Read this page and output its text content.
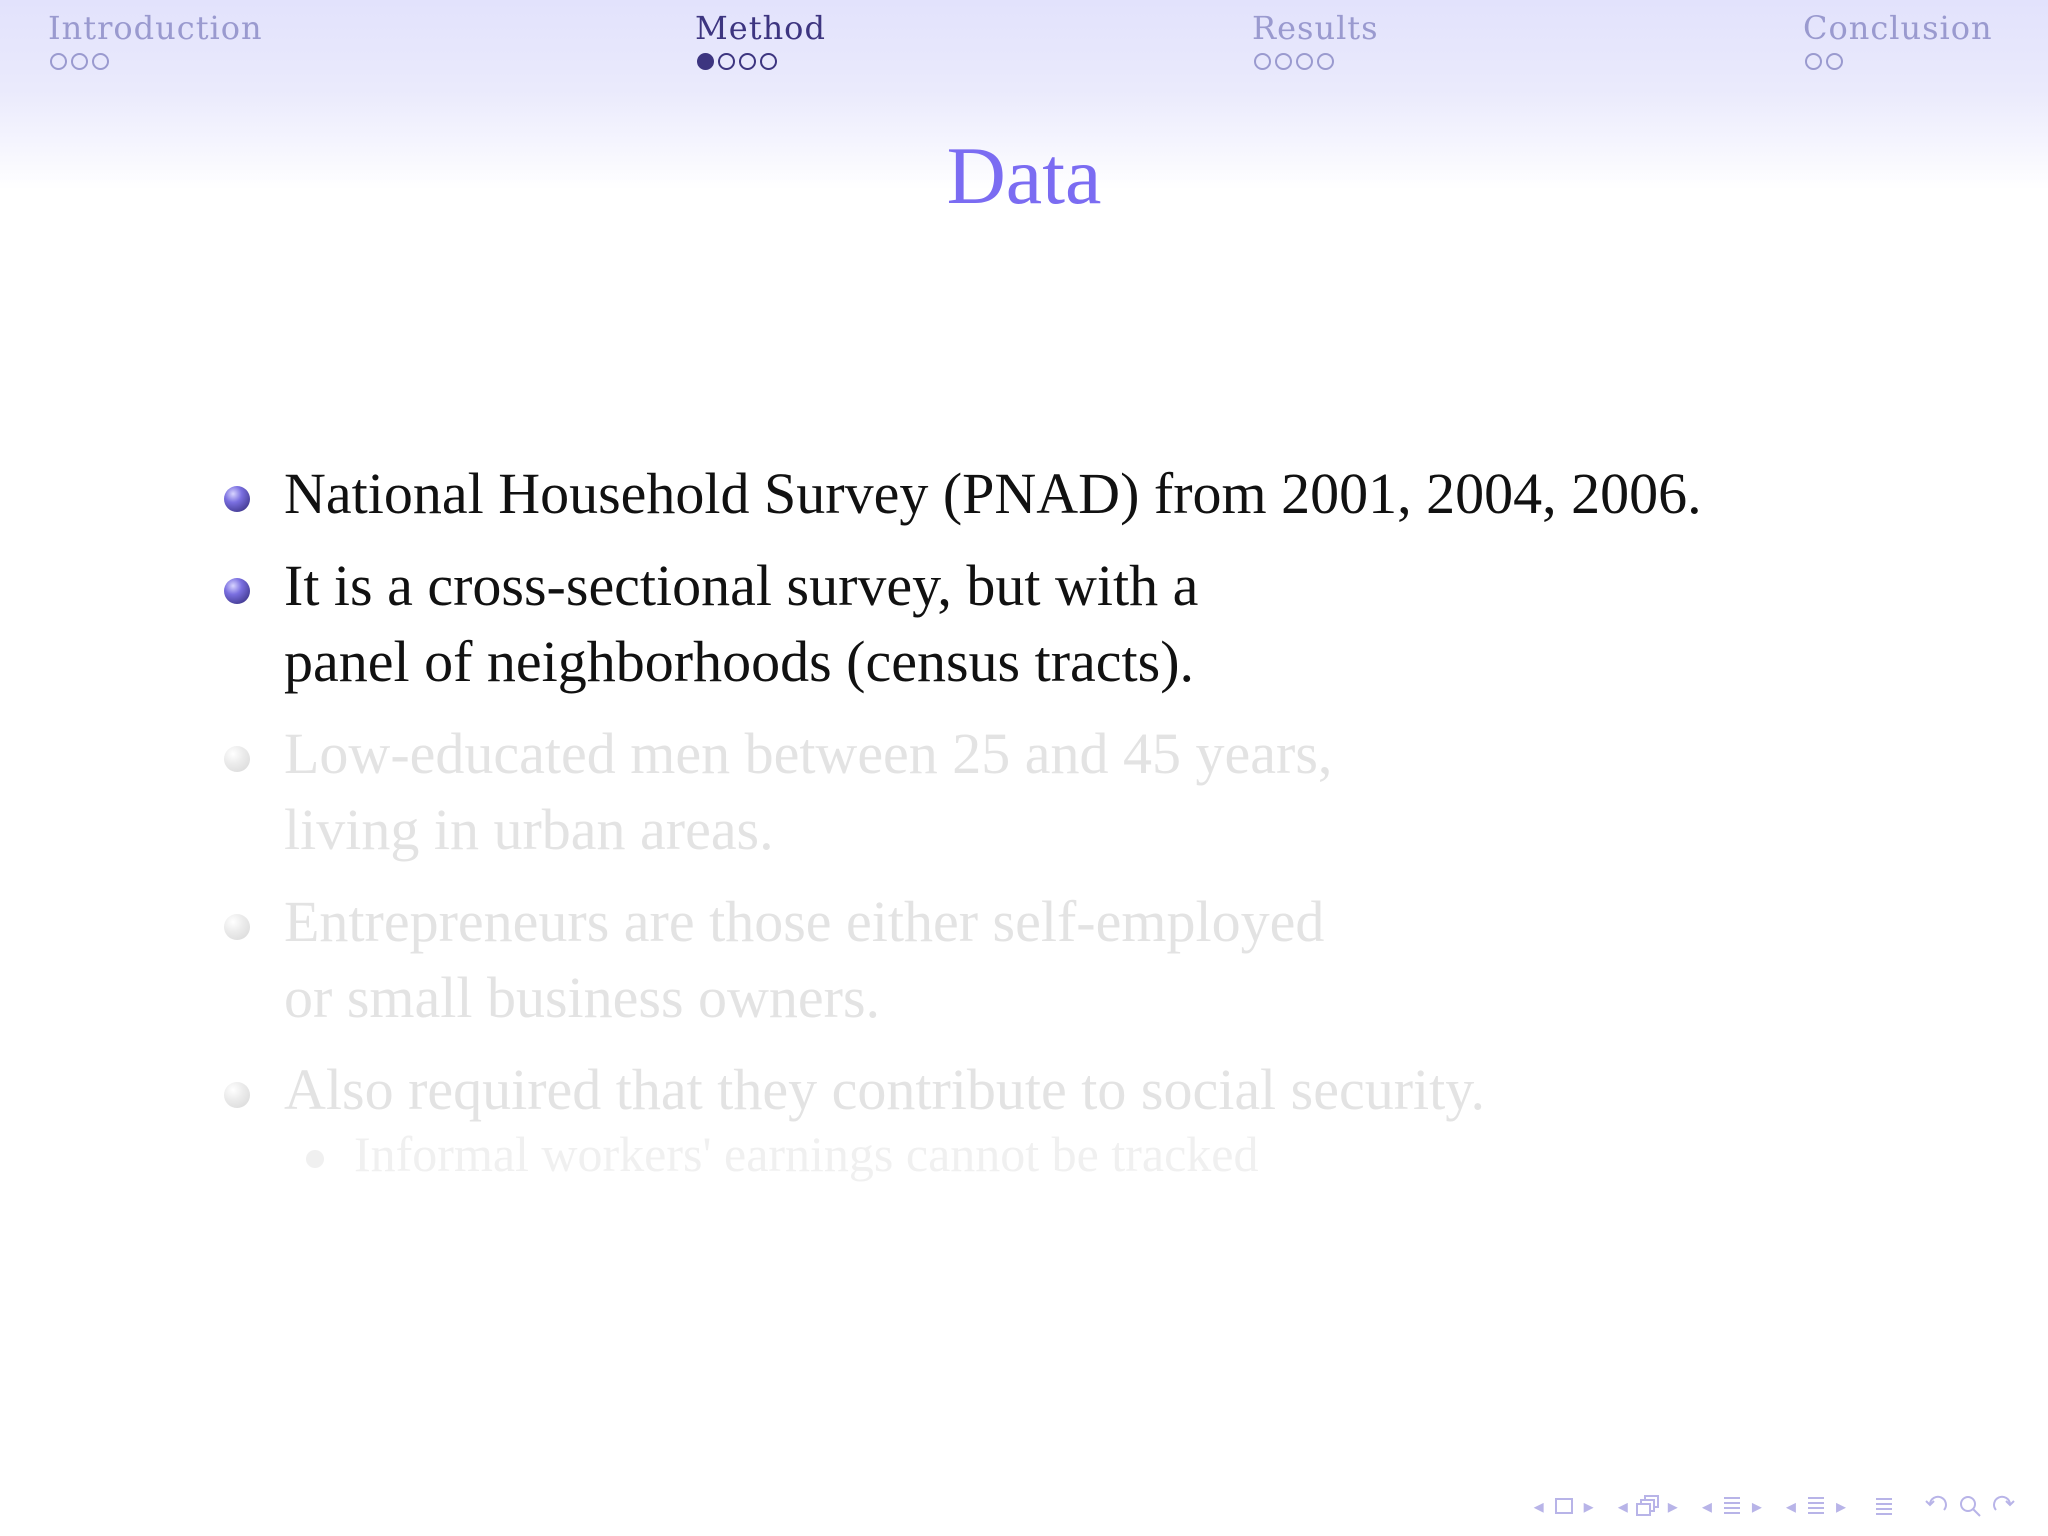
Introduction	Method	Results	Conclusion
Data
National Household Survey (PNAD) from 2001, 2004, 2006.
It is a cross-sectional survey, but with a
panel of neighborhoods (census tracts).
Low-educated men between 25 and 45 years,
living in urban areas.
Entrepreneurs are those either self-employed
or small business owners.
Also required that they contribute to social security.
Informal workers' earnings cannot be tracked
◂ ▸ ◂ ▸ ◂ ▸ ◂ ▸
